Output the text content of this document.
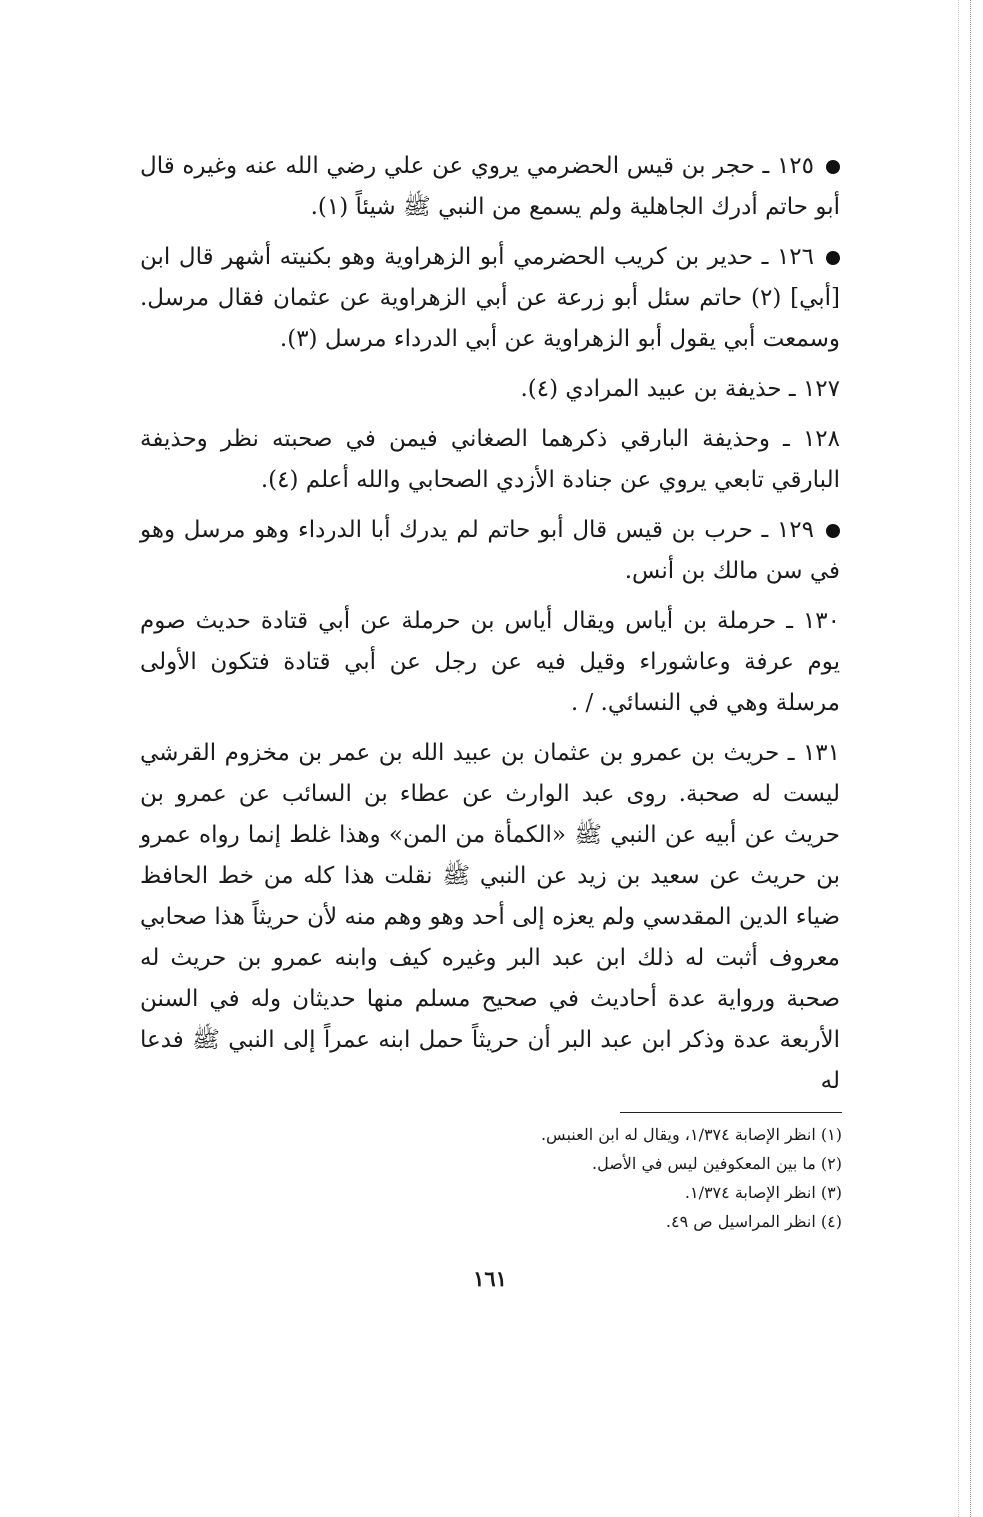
١٢٥ ـ حجر بن قيس الحضرمي يروي عن علي رضي الله عنه وغيره قال أبو حاتم أدرك الجاهلية ولم يسمع من النبي ﷺ شيئاً (١).

١٢٦ ـ حدير بن كريب الحضرمي أبو الزهراوية وهو بكنيته أشهر قال ابن [أبي] (٢) حاتم سئل أبو زرعة عن أبي الزهراوية عن عثمان فقال مرسل. وسمعت أبي يقول أبو الزهراوية عن أبي الدرداء مرسل (٣).

١٢٧ ـ حذيفة بن عبيد المرادي (٤).

١٢٨ ـ وحذيفة البارقي ذكرهما الصغاني فيمن في صحبته نظر وحذيفة البارقي تابعي يروي عن جنادة الأزدي الصحابي والله أعلم (٤).

١٢٩ ـ حرب بن قيس قال أبو حاتم لم يدرك أبا الدرداء وهو مرسل وهو في سن مالك بن أنس.

١٣٠ ـ حرملة بن أياس ويقال أياس بن حرملة عن أبي قتادة حديث صوم يوم عرفة وعاشوراء وقيل فيه عن رجل عن أبي قتادة فتكون الأولى مرسلة وهي في النسائي. / .

١٣١ ـ حريث بن عمرو بن عثمان بن عبيد الله بن عمر بن مخزوم القرشي ليست له صحبة. روى عبد الوارث عن عطاء بن السائب عن عمرو بن حريث عن أبيه عن النبي ﷺ «الكمأة من المن» وهذا غلط إنما رواه عمرو بن حريث عن سعيد بن زيد عن النبي ﷺ نقلت هذا كله من خط الحافظ ضياء الدين المقدسي ولم يعزه إلى أحد وهو وهم منه لأن حريثاً هذا صحابي معروف أثبت له ذلك ابن عبد البر وغيره كيف وابنه عمرو بن حريث له صحبة ورواية عدة أحاديث في صحيح مسلم منها حديثان وله في السنن الأربعة عدة وذكر ابن عبد البر أن حريثاً حمل ابنه عمراً إلى النبي ﷺ فدعا له

(١) انظر الإصابة ١/٣٧٤، ويقال له ابن العنبس.
(٢) ما بين المعكوفين ليس في الأصل.
(٣) انظر الإصابة ١/٣٧٤.
(٤) انظر المراسيل ص ٤٩.
١٦١
